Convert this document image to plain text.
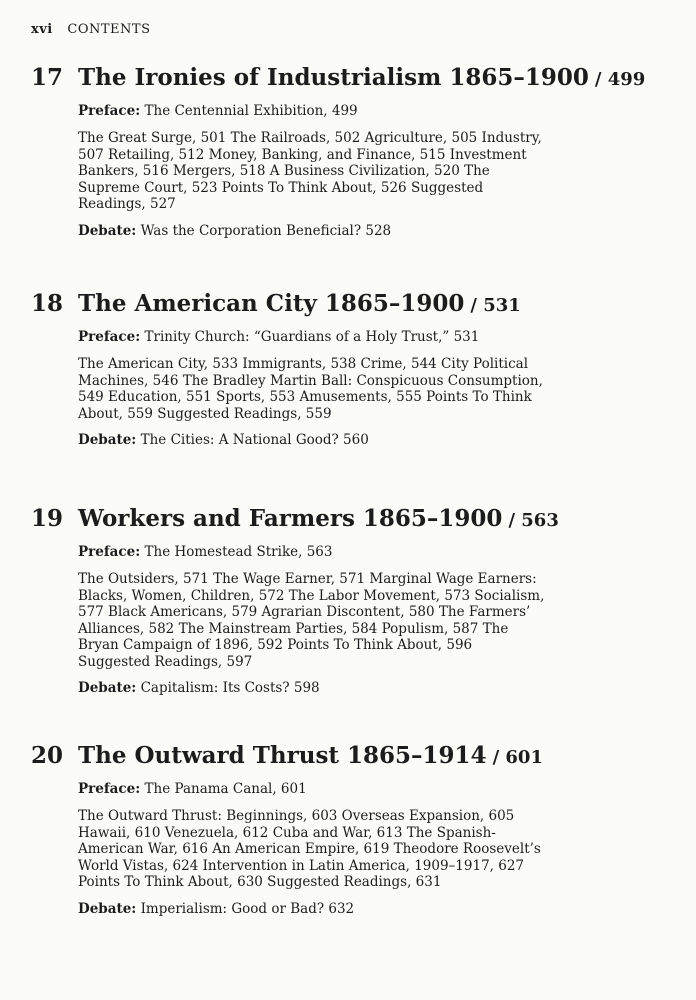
xvi CONTENTS
17 The Ironies of Industrialism 1865–1900 / 499
Preface: The Centennial Exhibition, 499
The Great Surge, 501 The Railroads, 502 Agriculture, 505 Industry, 507 Retailing, 512 Money, Banking, and Finance, 515 Investment Bankers, 516 Mergers, 518 A Business Civilization, 520 The Supreme Court, 523 Points To Think About, 526 Suggested Readings, 527
Debate: Was the Corporation Beneficial? 528
18 The American City 1865–1900 / 531
Preface: Trinity Church: “Guardians of a Holy Trust,” 531
The American City, 533 Immigrants, 538 Crime, 544 City Political Machines, 546 The Bradley Martin Ball: Conspicuous Consumption, 549 Education, 551 Sports, 553 Amusements, 555 Points To Think About, 559 Suggested Readings, 559
Debate: The Cities: A National Good? 560
19 Workers and Farmers 1865–1900 / 563
Preface: The Homestead Strike, 563
The Outsiders, 571 The Wage Earner, 571 Marginal Wage Earners: Blacks, Women, Children, 572 The Labor Movement, 573 Socialism, 577 Black Americans, 579 Agrarian Discontent, 580 The Farmers’ Alliances, 582 The Mainstream Parties, 584 Populism, 587 The Bryan Campaign of 1896, 592 Points To Think About, 596 Suggested Readings, 597
Debate: Capitalism: Its Costs? 598
20 The Outward Thrust 1865–1914 / 601
Preface: The Panama Canal, 601
The Outward Thrust: Beginnings, 603 Overseas Expansion, 605 Hawaii, 610 Venezuela, 612 Cuba and War, 613 The Spanish-American War, 616 An American Empire, 619 Theodore Roosevelt’s World Vistas, 624 Intervention in Latin America, 1909–1917, 627 Points To Think About, 630 Suggested Readings, 631
Debate: Imperialism: Good or Bad? 632
